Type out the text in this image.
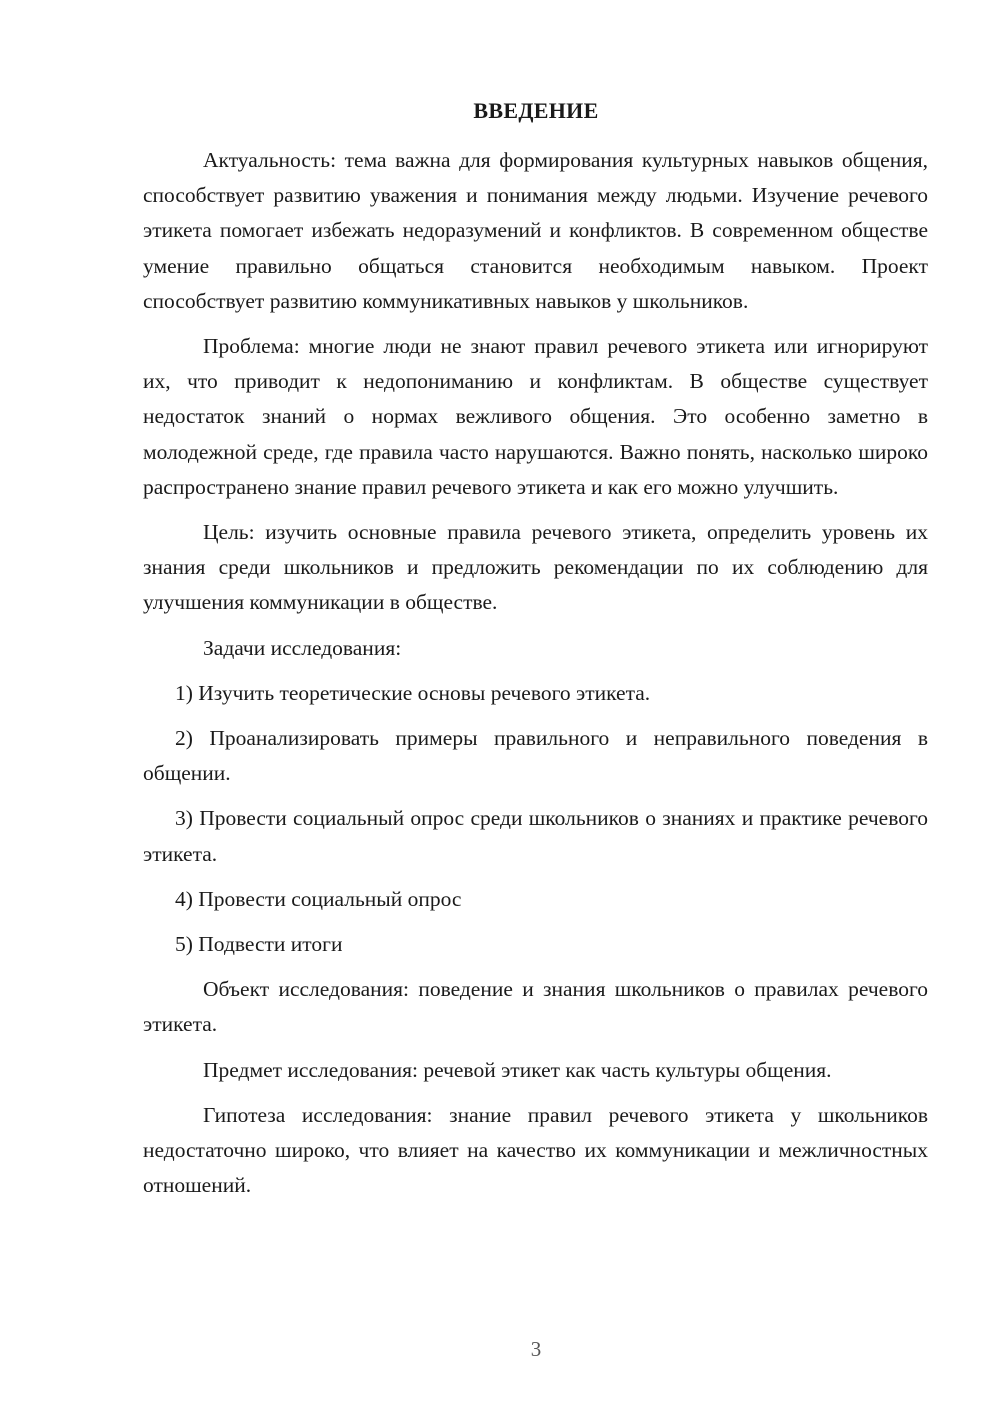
ВВЕДЕНИЕ

Актуальность: тема важна для формирования культурных навыков общения, способствует развитию уважения и понимания между людьми. Изучение речевого этикета помогает избежать недоразумений и конфликтов. В современном обществе умение правильно общаться становится необходимым навыком. Проект способствует развитию коммуникативных навыков у школьников.

Проблема: многие люди не знают правил речевого этикета или игнорируют их, что приводит к недопониманию и конфликтам. В обществе существует недостаток знаний о нормах вежливого общения. Это особенно заметно в молодежной среде, где правила часто нарушаются. Важно понять, насколько широко распространено знание правил речевого этикета и как его можно улучшить.

Цель: изучить основные правила речевого этикета, определить уровень их знания среди школьников и предложить рекомендации по их соблюдению для улучшения коммуникации в обществе.

Задачи исследования:

1) Изучить теоретические основы речевого этикета.

2) Проанализировать примеры правильного и неправильного поведения в общении.

3) Провести социальный опрос среди школьников о знаниях и практике речевого этикета.

4) Провести социальный опрос

5) Подвести итоги

Объект исследования: поведение и знания школьников о правилах речевого этикета.

Предмет исследования: речевой этикет как часть культуры общения.

Гипотеза исследования: знание правил речевого этикета у школьников недостаточно широко, что влияет на качество их коммуникации и межличностных отношений.

3
